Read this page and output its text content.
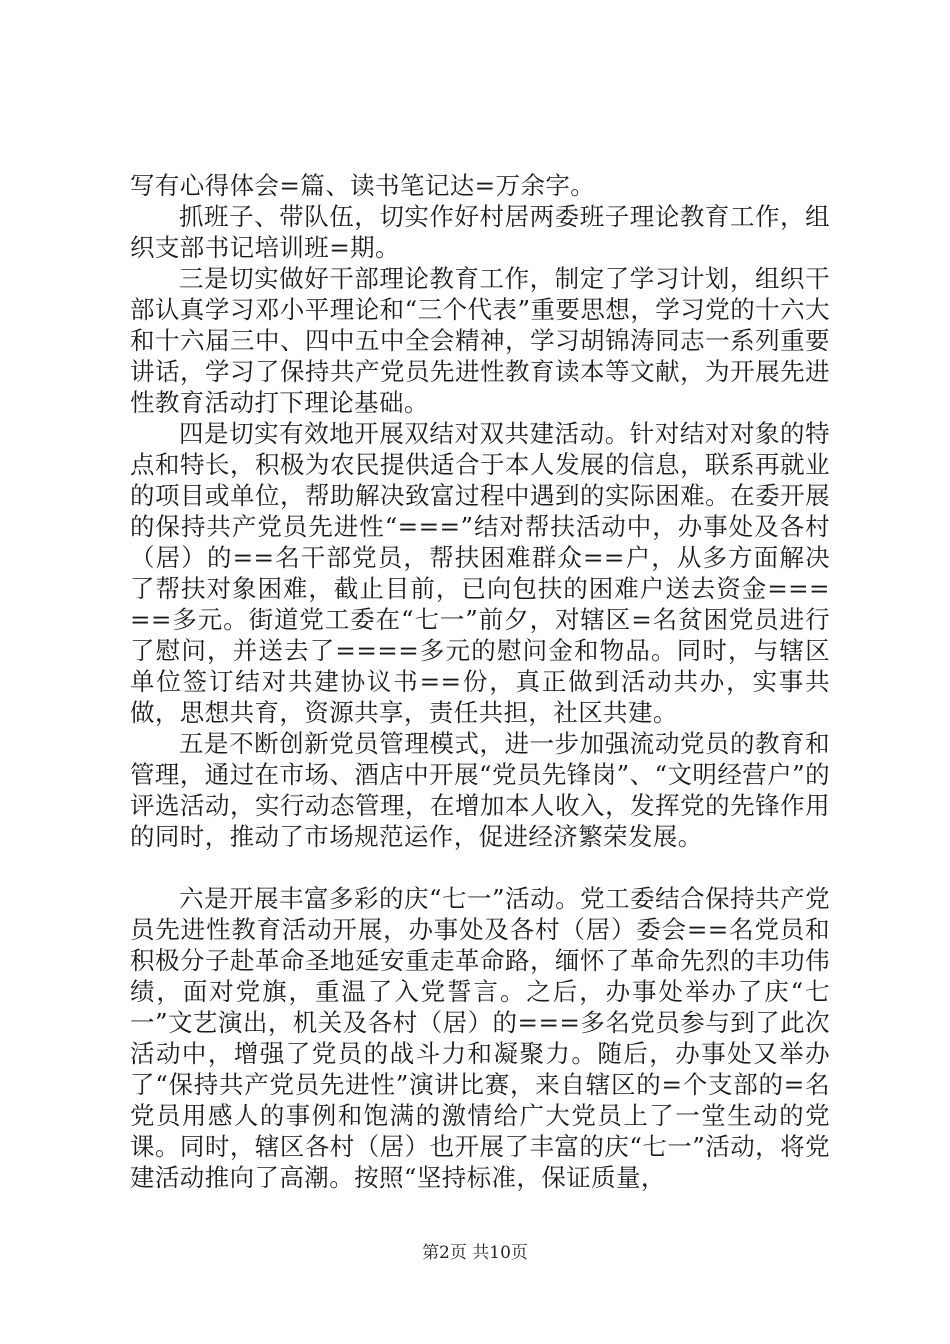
写有心得体会=篇、读书笔记达=万余字。

抓班子、带队伍，切实作好村居两委班子理论教育工作，组织支部书记培训班=期。

三是切实做好干部理论教育工作，制定了学习计划，组织干部认真学习邓小平理论和“三个代表”重要思想，学习党的十六大和十六届三中、四中五中全会精神，学习胡锦涛同志一系列重要讲话，学习了保持共产党员先进性教育读本等文献，为开展先进性教育活动打下理论基础。

四是切实有效地开展双结对双共建活动。针对结对对象的特点和特长，积极为农民提供适合于本人发展的信息，联系再就业的项目或单位，帮助解决致富过程中遇到的实际困难。在委开展的保持共产党员先进性“===”结对帮扶活动中，办事处及各村（居）的==名干部党员，帮扶困难群众==户，从多方面解决了帮扶对象困难，截止目前，已向包扶的困难户送去资金=====多元。街道党工委在“七一”前夕，对辖区=名贫困党员进行了慰问，并送去了====多元的慰问金和物品。同时，与辖区单位签订结对共建协议书==份，真正做到活动共办，实事共做，思想共育，资源共享，责任共担，社区共建。

五是不断创新党员管理模式，进一步加强流动党员的教育和管理，通过在市场、酒店中开展“党员先锋岗”、“文明经营户”的评选活动，实行动态管理，在增加本人收入，发挥党的先锋作用的同时，推动了市场规范运作，促进经济繁荣发展。

六是开展丰富多彩的庆“七一”活动。党工委结合保持共产党员先进性教育活动开展，办事处及各村（居）委会==名党员和积极分子赴革命圣地延安重走革命路，缅怀了革命先烈的丰功伟绩，面对党旗，重温了入党誓言。之后，办事处举办了庆“七一”文艺演出，机关及各村（居）的===多名党员参与到了此次活动中，增强了党员的战斗力和凝聚力。随后，办事处又举办了“保持共产党员先进性”演讲比赛，来自辖区的=个支部的=名党员用感人的事例和饱满的激情给广大党员上了一堂生动的党课。同时，辖区各村（居）也开展了丰富的庆“七一”活动，将党建活动推向了高潮。按照“坚持标准，保证质量，

第2页 共10页
